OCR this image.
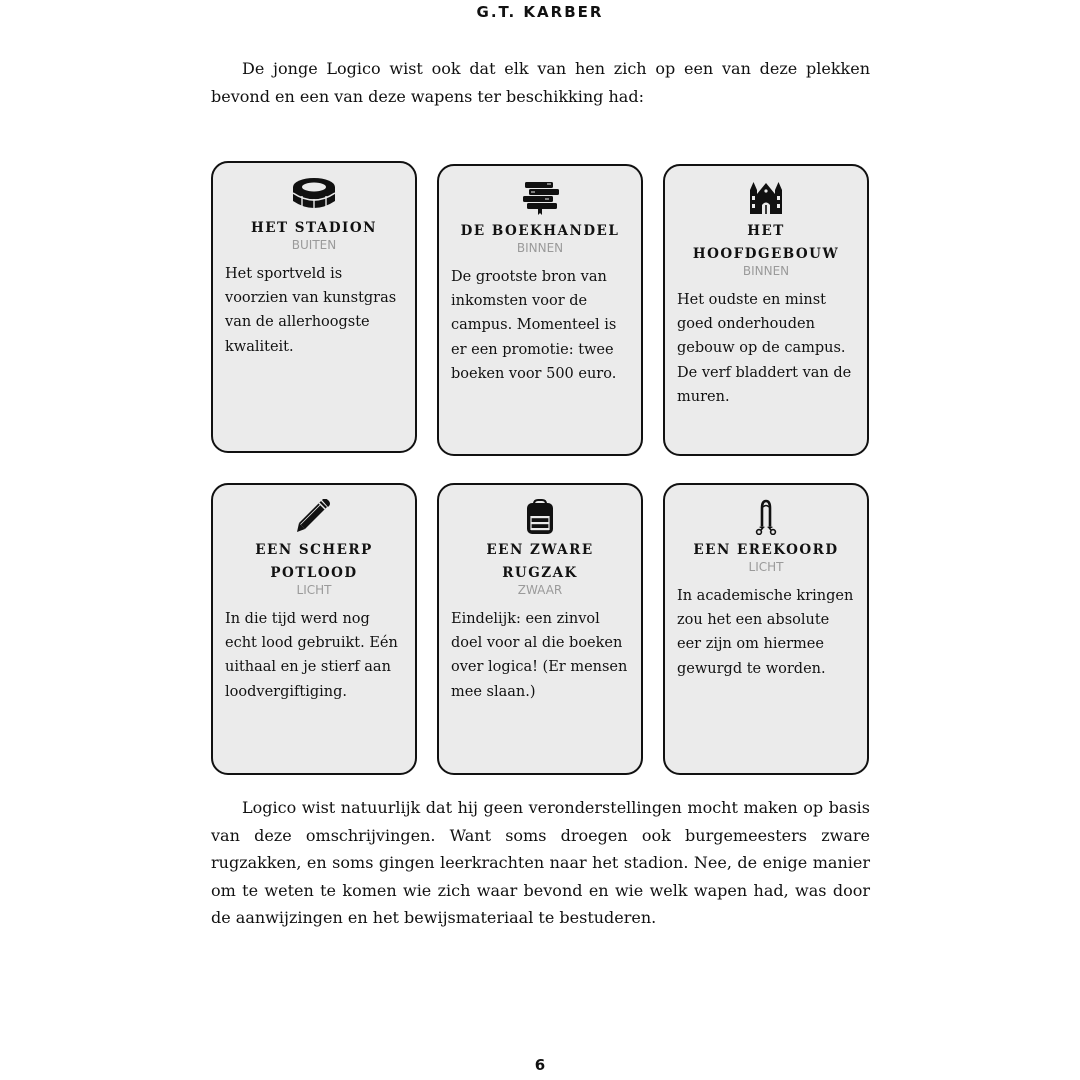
G.T. KARBER

De jonge Logico wist ook dat elk van hen zich op een van deze plekken bevond en een van deze wapens ter beschikking had:

HET STADION
BUITEN
Het sportveld is voorzien van kunstgras van de allerhoogste kwaliteit.
DE BOEKHANDEL
BINNEN
De grootste bron van inkomsten voor de campus. Momenteel is er een promotie: twee boeken voor 500 euro.
HET HOOFDGEBOUW
BINNEN
Het oudste en minst goed onderhouden gebouw op de campus. De verf bladdert van de muren.
EEN SCHERP POTLOOD
LICHT
In die tijd werd nog echt lood gebruikt. Eén uithaal en je stierf aan loodvergiftiging.
EEN ZWARE RUGZAK
ZWAAR
Eindelijk: een zinvol doel voor al die boeken over logica! (Er mensen mee slaan.)
EEN EREKOORD
LICHT
In academische kringen zou het een absolute eer zijn om hiermee gewurgd te worden.

Logico wist natuurlijk dat hij geen veronderstellingen mocht maken op basis van deze omschrijvingen. Want soms droegen ook burgemeesters zware rugzakken, en soms gingen leerkrachten naar het stadion. Nee, de enige manier om te weten te komen wie zich waar bevond en wie welk wapen had, was door de aanwijzingen en het bewijsmateriaal te bestuderen.

6
